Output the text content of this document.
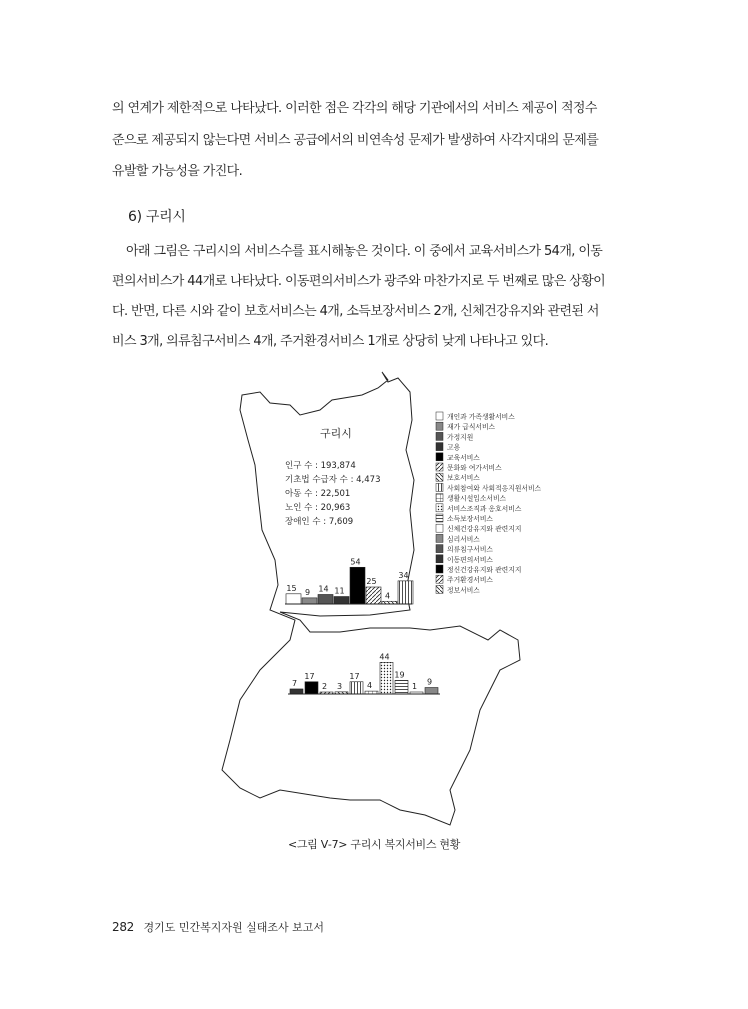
의 연계가 제한적으로 나타났다. 이러한 점은 각각의 해당 기관에서의 서비스 제공이 적정수
준으로 제공되지 않는다면 서비스 공급에서의 비연속성 문제가 발생하여 사각지대의 문제를
유발할 가능성을 가진다.
6) 구리시
아래 그림은 구리시의 서비스수를 표시해놓은 것이다. 이 중에서 교육서비스가 54개, 이동
편의서비스가 44개로 나타났다. 이동편의서비스가 광주와 마찬가지로 두 번째로 많은 상황이
다. 반면, 다른 시와 같이 보호서비스는 4개, 소득보장서비스 2개, 신체건강유지와 관련된 서
비스 3개, 의류침구서비스 4개, 주거환경서비스 1개로 상당히 낮게 나타나고 있다.
구리시
인구 수 : 193,874
기초법 수급자 수 : 4,473
아동 수 : 22,501
노인 수 : 20,963
장애인 수 : 7,609
15 9 14 11
54
25
4
34
7
17
2 3
17
4
44
19
1 9
개인과 가족생활서비스
재가 급식서비스
가정지원
고용
교육서비스
문화와 여가서비스
보호서비스
사회참여와 사회적응지원서비스
생활시설입소서비스
서비스조직과 옹호서비스
소득보장서비스
신체건강유지와 관련지지
심리서비스
의류침구서비스
이동편의서비스
정신건강유지와 관련지지
주거환경서비스
정보서비스
<그림 Ⅴ-7> 구리시 복지서비스 현황
282 경기도 민간복지자원 실태조사 보고서
